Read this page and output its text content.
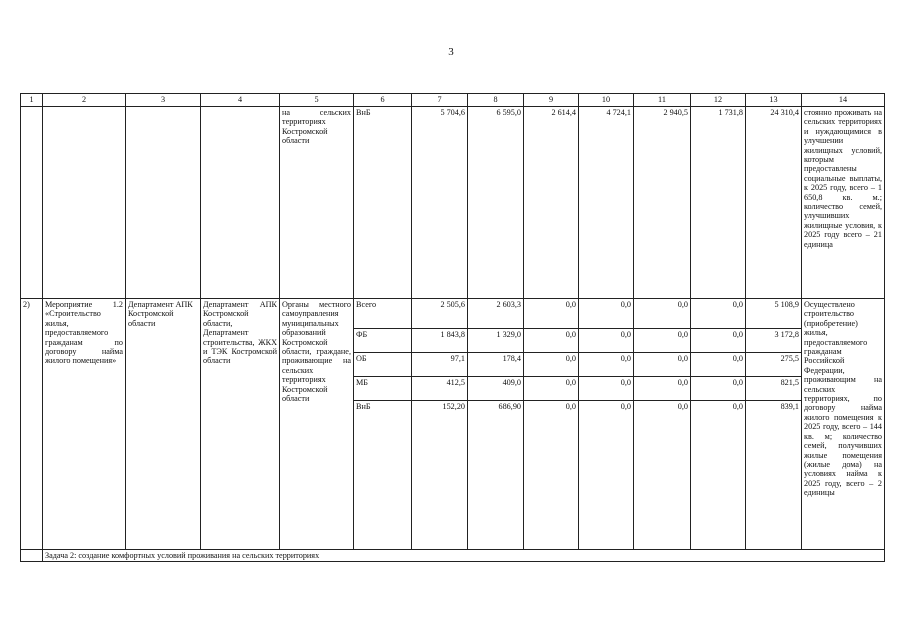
3
1	2	3	4	5	6	7	8	9	10	11	12	13	14
				на сельских территориях Костромской области	ВнБ	5 704,6	6 595,0	2 614,4	4 724,1	2 940,5	1 731,8	24 310,4	стоянно проживать на сельских территориях и нуждающимися в улучшении жилищных условий, которым предоставлены социальные выплаты, к 2025 году, всего – 1 650,8 кв. м.; количество семей, улучшивших жилищные условия, к 2025 году всего – 21 единица
2)	Мероприятие 1.2 «Строительство жилья, предоставляемого гражданам по договору найма жилого помещения»	Департамент АПК Костромской области	Департамент АПК Костромской области, Департамент строительства, ЖКХ и ТЭК Костромской области	Органы местного самоуправления муниципальных образований Костромской области, граждане, проживающие на сельских территориях Костромской области	Всего	2 505,6	2 603,3	0,0	0,0	0,0	0,0	5 108,9	Осуществлено строительство (приобретение) жилья, предоставляемого гражданам Российской Федерации, проживающим на сельских территориях, по договору найма жилого помещения к 2025 году, всего – 144 кв. м; количество семей, получивших жилые помещения (жилые дома) на условиях найма к 2025 году, всего – 2 единицы
					ФБ	1 843,8	1 329,0	0,0	0,0	0,0	0,0	3 172,8	
					ОБ	97,1	178,4	0,0	0,0	0,0	0,0	275,5	
					МБ	412,5	409,0	0,0	0,0	0,0	0,0	821,5	
					ВнБ	152,20	686,90	0,0	0,0	0,0	0,0	839,1	
	Задача 2: создание комфортных условий проживания на сельских территориях												
